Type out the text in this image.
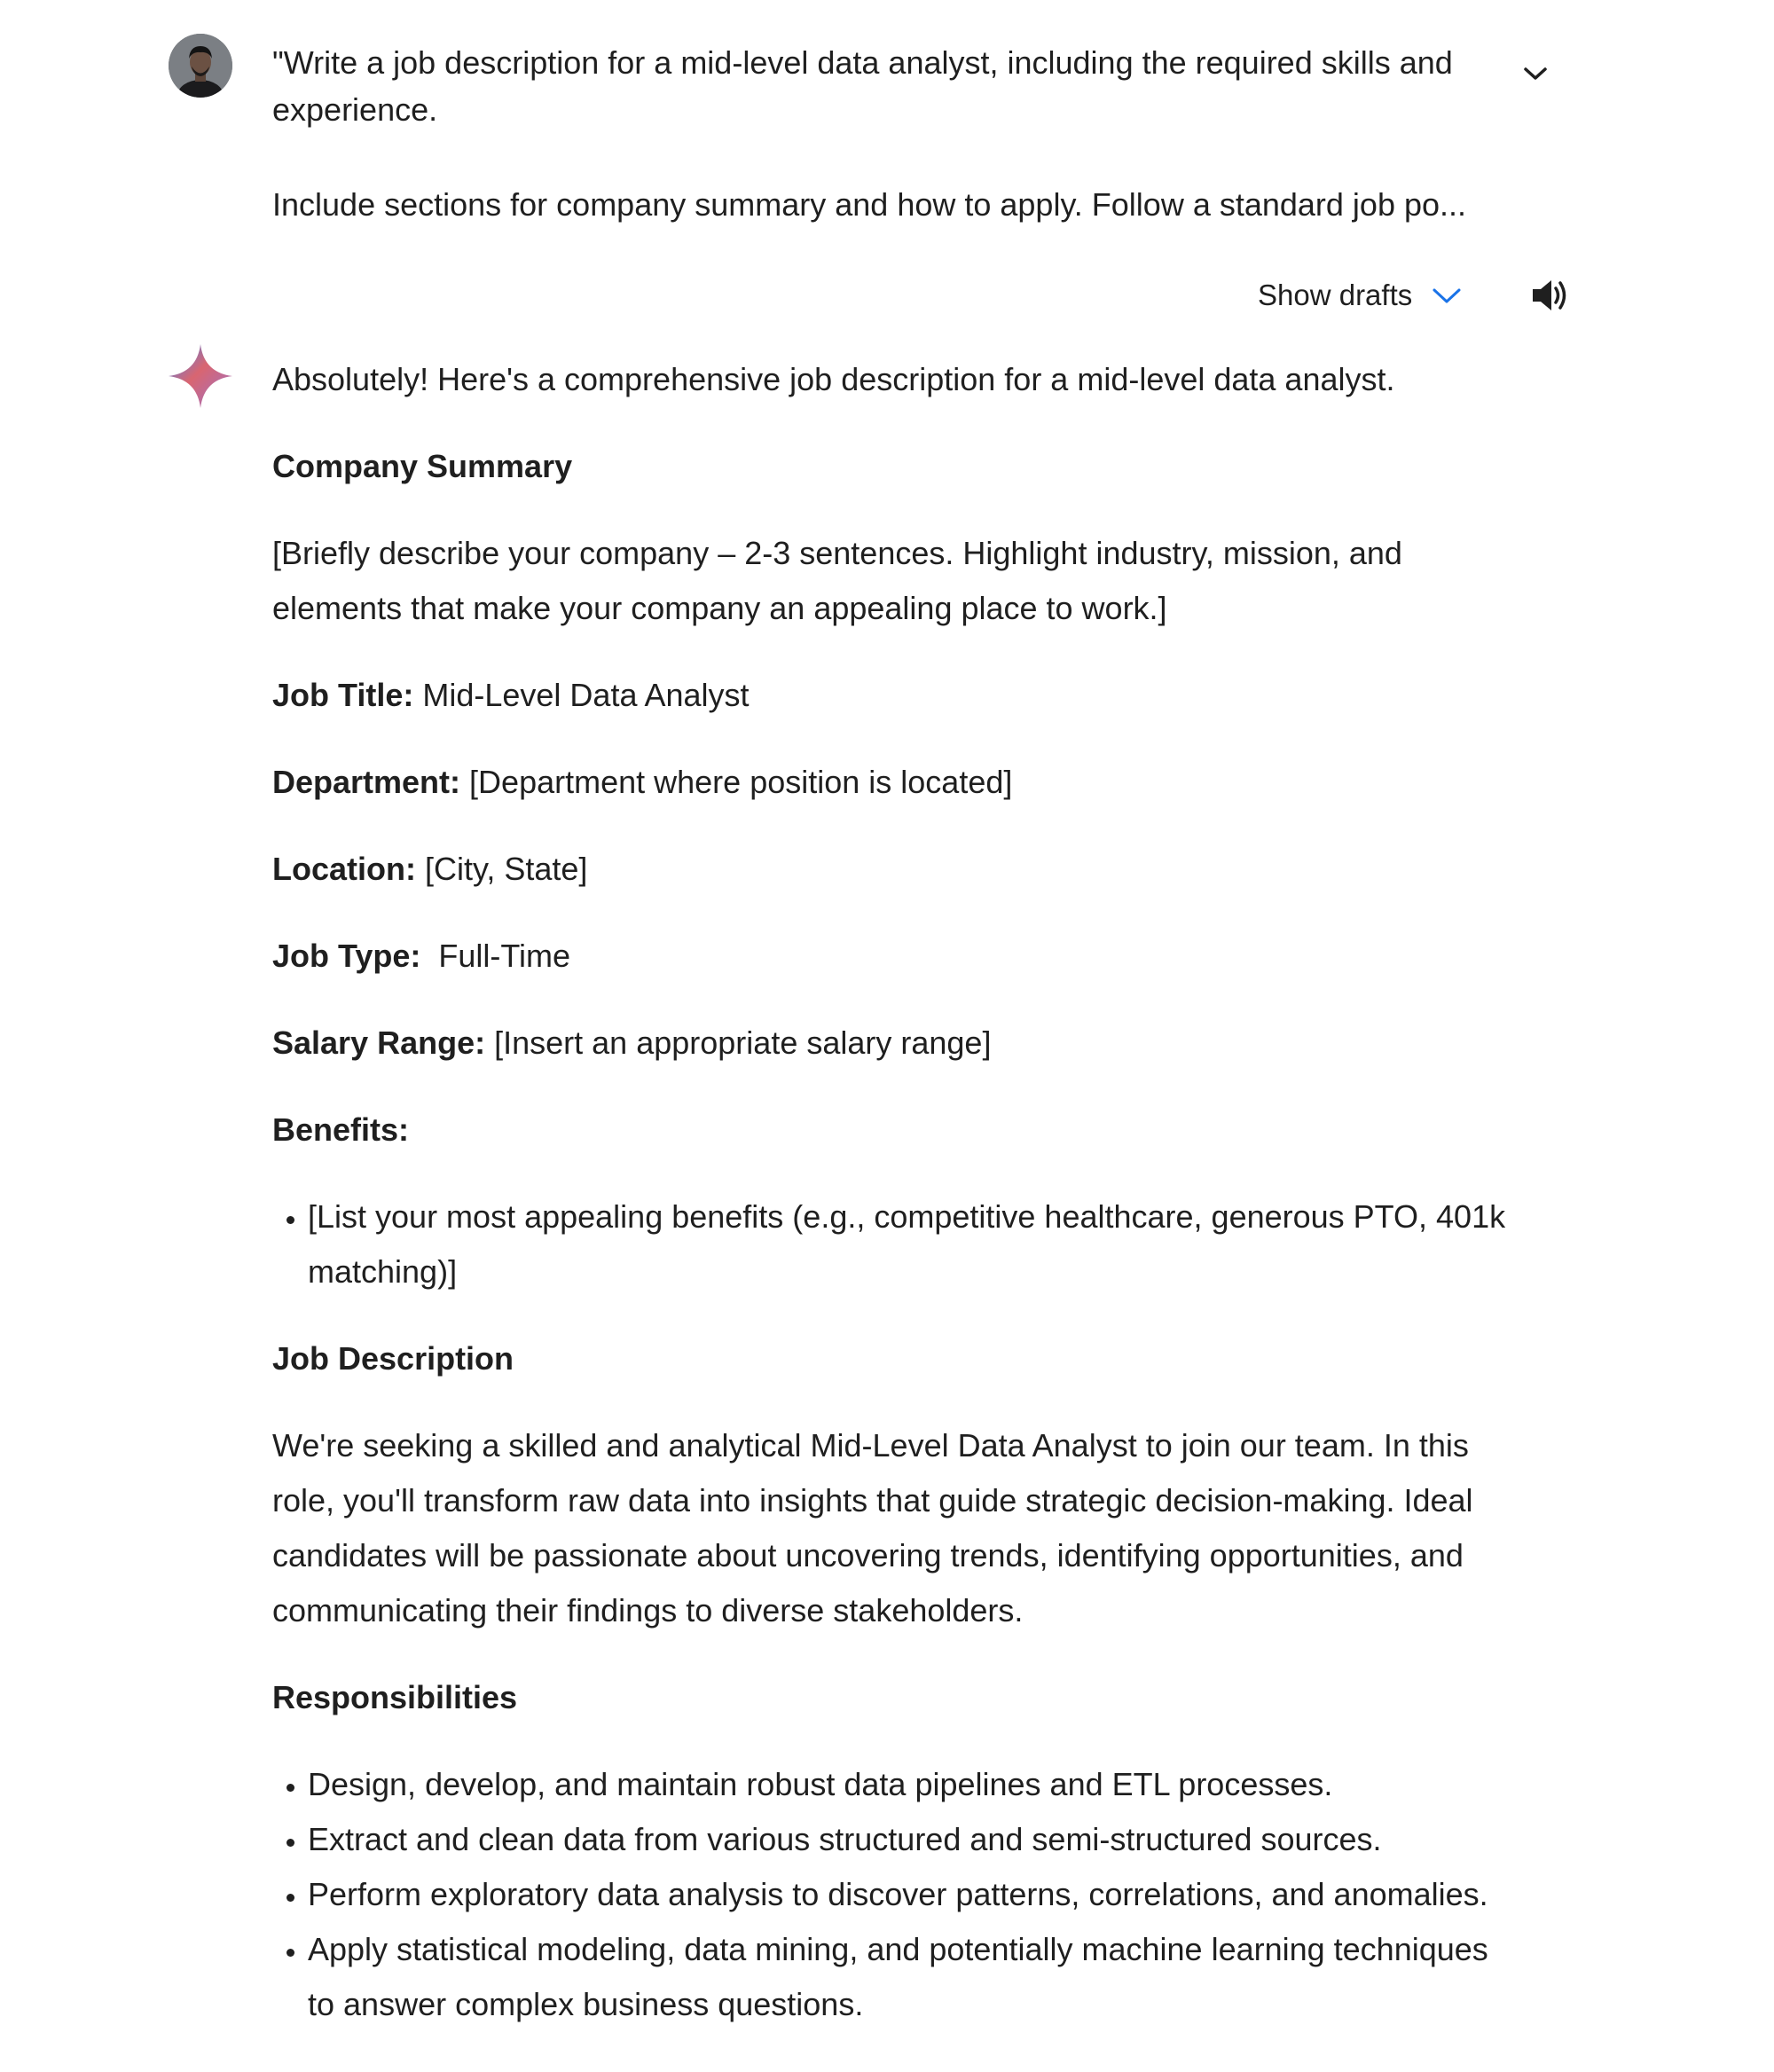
"Write a job description for a mid-level data analyst, including the required skills and experience.

Include sections for company summary and how to apply. Follow a standard job po...

Show drafts

Absolutely! Here's a comprehensive job description for a mid-level data analyst.

Company Summary

[Briefly describe your company – 2-3 sentences. Highlight industry, mission, and elements that make your company an appealing place to work.]

Job Title: Mid-Level Data Analyst

Department: [Department where position is located]

Location: [City, State]

Job Type: Full-Time

Salary Range: [Insert an appropriate salary range]

Benefits:

• [List your most appealing benefits (e.g., competitive healthcare, generous PTO, 401k matching)]
Job Description

We're seeking a skilled and analytical Mid-Level Data Analyst to join our team. In this role, you'll transform raw data into insights that guide strategic decision-making. Ideal candidates will be passionate about uncovering trends, identifying opportunities, and communicating their findings to diverse stakeholders.

Responsibilities
• Design, develop, and maintain robust data pipelines and ETL processes.
• Extract and clean data from various structured and semi-structured sources.
• Perform exploratory data analysis to discover patterns, correlations, and anomalies.
• Apply statistical modeling, data mining, and potentially machine learning techniques to answer complex business questions.
